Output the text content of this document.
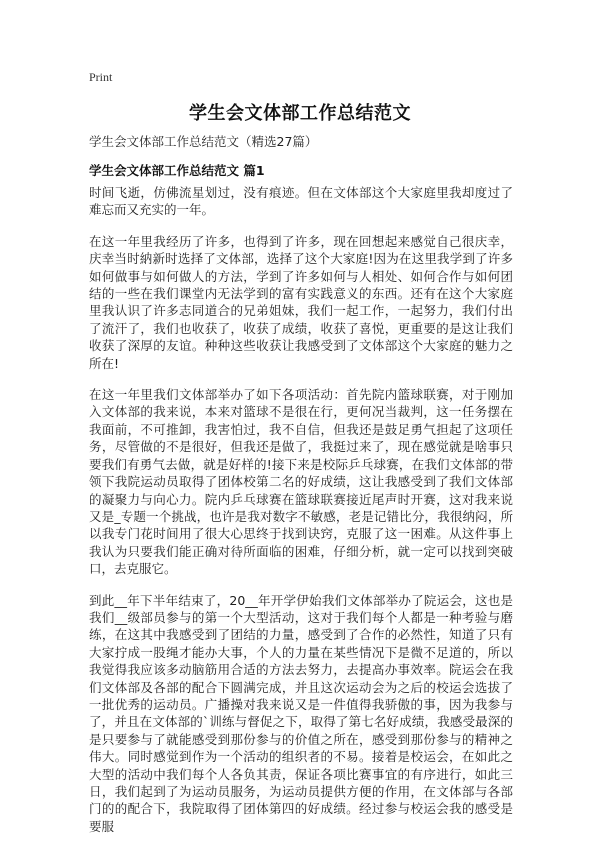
Print
学生会文体部工作总结范文
学生会文体部工作总结范文（精选27篇）
学生会文体部工作总结范文 篇1

时间飞逝，仿佛流星划过，没有痕迹。但在文体部这个大家庭里我却度过了难忘而又充实的一年。

在这一年里我经历了许多，也得到了许多，现在回想起来感觉自己很庆幸，庆幸当时納新时选择了文体部，选择了这个大家庭!因为在这里我学到了许多如何做事与如何做人的方法，学到了许多如何与人相处、如何合作与如何团结的一些在我们课堂内无法学到的富有实践意义的东西。还有在这个大家庭里我认识了许多志同道合的兄弟姐妹，我们一起工作，一起努力，我们付出了流汗了，我们也收获了，收获了成绩，收获了喜悦，更重要的是这让我们收获了深厚的友谊。种种这些收获让我感受到了文体部这个大家庭的魅力之所在!

在这一年里我们文体部举办了如下各项活动：首先院内篮球联赛，对于刚加入文体部的我来说，本来对篮球不是很在行，更何况当裁判，这一任务摆在我面前，不可推卸，我害怕过，我不自信，但我还是鼓足勇气担起了这项任务，尽管做的不是很好，但我还是做了，我挺过来了，现在感觉就是啥事只要我们有勇气去做，就是好样的!接下来是校际乒乓球赛，在我们文体部的带领下我院运动员取得了团体校第二名的好成绩，这让我感受到了我们文体部的凝聚力与向心力。院内乒乓球赛在篮球联赛接近尾声时开赛，这对我来说又是_专题一个挑战，也许是我对数字不敏感，老是记错比分，我很纳闷，所以我专门花时间用了很大心思终于找到诀窍，克服了这一困难。从这件事上我认为只要我们能正确对待所面临的困难，仔细分析，就一定可以找到突破口，去克服它。

到此__年下半年结束了，20__年开学伊始我们文体部举办了院运会，这也是我们__级部员参与的第一个大型活动，这对于我们每个人都是一种考验与磨练，在这其中我感受到了团结的力量，感受到了合作的必然性，知道了只有大家拧成一股绳才能办大事，个人的力量在某些情况下是微不足道的，所以我觉得我应该多动脑筋用合适的方法去努力，去提高办事效率。院运会在我们文体部及各部的配合下圆满完成，并且这次运动会为之后的校运会选拔了一批优秀的运动员。广播操对我来说又是一件值得我骄傲的事，因为我参与了，并且在文体部的`训练与督促之下，取得了第七名好成绩，我感受最深的是只要参与了就能感受到那份参与的价值之所在，感受到那份参与的精神之伟大。同时感觉到作为一个活动的组织者的不易。接着是校运会，在如此之大型的活动中我们每个人各负其责，保证各项比赛事宜的有序进行，如此三日，我们起到了为运动员服务，为运动员提供方便的作用，在文体部与各部门的的配合下，我院取得了团体第四的好成绩。经过参与校运会我的感受是要服
